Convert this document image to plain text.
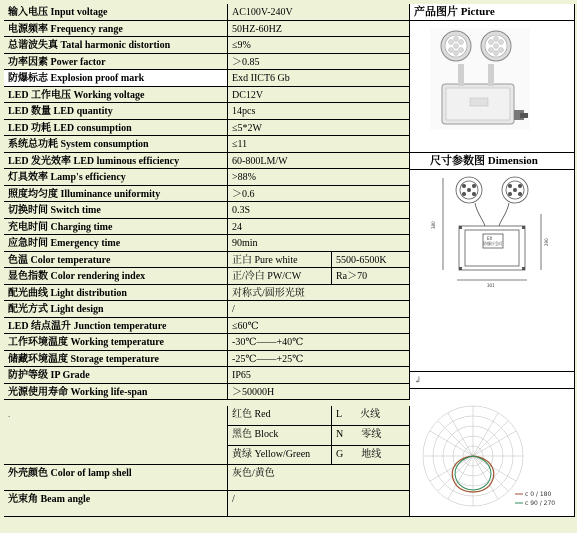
输入电压 Input voltage	AC100V-240V
电源频率 Frequency range	50HZ-60HZ
总谐波失真 Tatal harmonic distortion	≤9%
功率因素 Power factor	＞0.85
防爆标志 Explosion proof mark	Exd IICT6 Gb
LED 工作电压 Working voltage	DC12V
LED 数量 LED quantity	14pcs
LED 功耗 LED consumption	≤5*2W
系统总功耗 System consumption	≤11
LED 发光效率 LED luminous efficiency	60-800LM/W
灯具效率 Lamp's efficiency	>88%
照度均匀度 Illuminance uniformity	＞0.6
切换时间 Switch time	0.3S
充电时间 Charging time	24
应急时间 Emergency time	90min
色温 Color temperature	正白 Pure white	5500-6500K
显色指数 Color rendering index	正/冷白 PW/CW	Ra＞70
配光曲线 Light distribution	对称式/圆形光斑
配光方式 Light design	/
LED 结点温升 Junction temperature	≤60℃
工作环境温度 Working temperature	-30℃——+40℃
储藏环境温度 Storage temperature	-25℃——+25℃
防护等级 IP Grade	IP65
光源使用寿命 Working life-span	＞50000H
产品图片 Picture
尺寸参数图 Dimension
↲
EX
防爆应急灯
380
301
290
c 0 / 180
c 90 / 270
.
外壳颜色 Color of lamp shell	灰色/黄色
光束角 Beam angle	/
红色 Red	L 火线
黑色 Block	N 零线
黄绿 Yellow/Green	G 地线
